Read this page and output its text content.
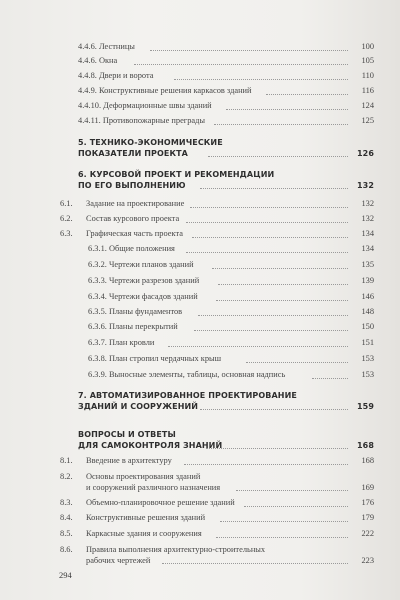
4.4.6. Лестницы	100
4.4.6. Окна	105
4.4.8. Двери и ворота	110
4.4.9. Конструктивные решения каркасов зданий	116
4.4.10. Деформационные швы зданий	124
4.4.11. Противопожарные преграды	125
5. ТЕХНИКО-ЭКОНОМИЧЕСКИЕ
ПОКАЗАТЕЛИ ПРОЕКТА	126
6. КУРСОВОЙ ПРОЕКТ И РЕКОМЕНДАЦИИ
ПО ЕГО ВЫПОЛНЕНИЮ	132
6.1.	Задание на проектирование	132
6.2.	Состав курсового проекта	132
6.3.	Графическая часть проекта	134
6.3.1. Общие положения	134
6.3.2. Чертежи планов зданий	135
6.3.3. Чертежи разрезов зданий	139
6.3.4. Чертежи фасадов зданий	146
6.3.5. Планы фундаментов	148
6.3.6. Планы перекрытий	150
6.3.7. План кровли	151
6.3.8. План стропил чердачных крыш	153
6.3.9. Выносные элементы, таблицы, основная надпись	153
7. АВТОМАТИЗИРОВАННОЕ ПРОЕКТИРОВАНИЕ
ЗДАНИЙ И СООРУЖЕНИЙ	159
ВОПРОСЫ И ОТВЕТЫ
ДЛЯ САМОКОНТРОЛЯ ЗНАНИЙ	168
8.1.	Введение в архитектуру	168
8.2.	Основы проектирования зданий
и сооружений различного назначения	169
8.3.	Объемно-планировочное решение зданий	176
8.4.	Конструктивные решения зданий	179
8.5.	Каркасные здания и сооружения	222
8.6.	Правила выполнения архитектурно-строительных
рабочих чертежей	223
294
